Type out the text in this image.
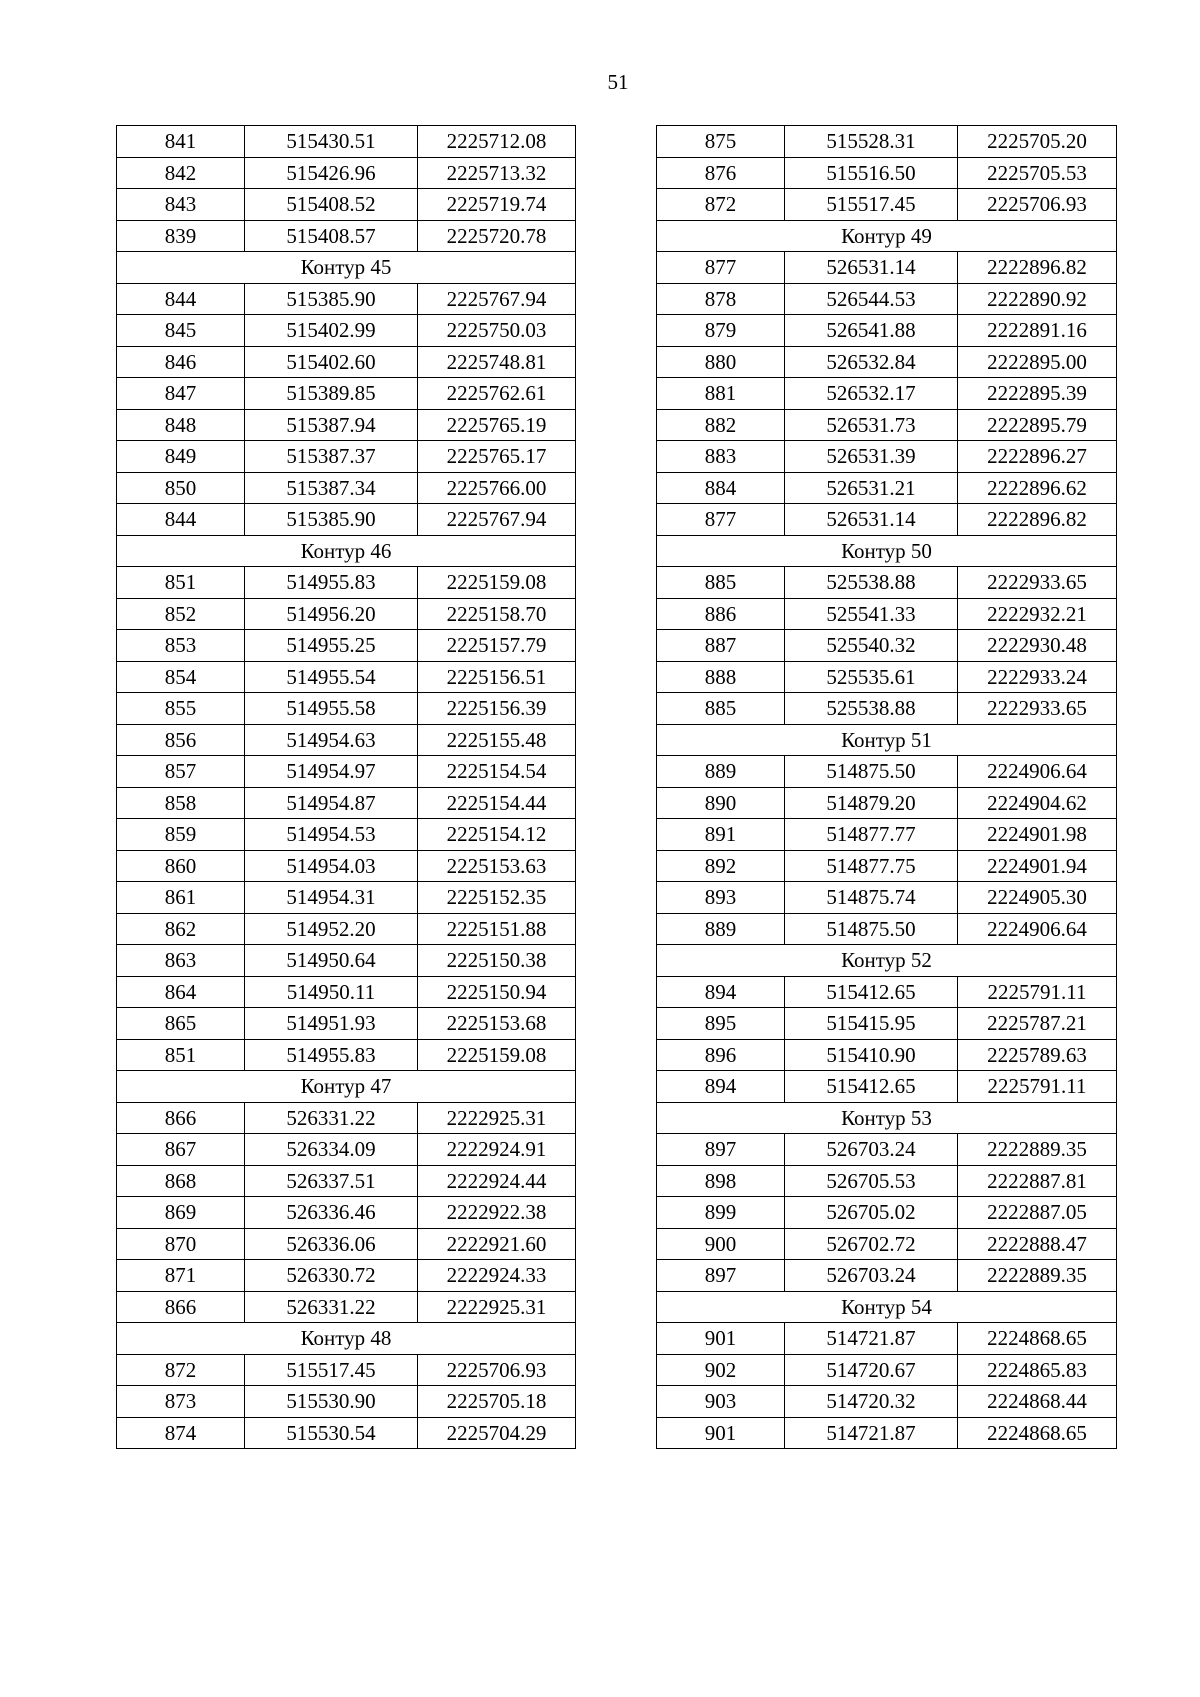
51
841	515430.51	2225712.08
842	515426.96	2225713.32
843	515408.52	2225719.74
839	515408.57	2225720.78
Контур 45		
844	515385.90	2225767.94
845	515402.99	2225750.03
846	515402.60	2225748.81
847	515389.85	2225762.61
848	515387.94	2225765.19
849	515387.37	2225765.17
850	515387.34	2225766.00
844	515385.90	2225767.94
Контур 46		
851	514955.83	2225159.08
852	514956.20	2225158.70
853	514955.25	2225157.79
854	514955.54	2225156.51
855	514955.58	2225156.39
856	514954.63	2225155.48
857	514954.97	2225154.54
858	514954.87	2225154.44
859	514954.53	2225154.12
860	514954.03	2225153.63
861	514954.31	2225152.35
862	514952.20	2225151.88
863	514950.64	2225150.38
864	514950.11	2225150.94
865	514951.93	2225153.68
851	514955.83	2225159.08
Контур 47		
866	526331.22	2222925.31
867	526334.09	2222924.91
868	526337.51	2222924.44
869	526336.46	2222922.38
870	526336.06	2222921.60
871	526330.72	2222924.33
866	526331.22	2222925.31
Контур 48		
872	515517.45	2225706.93
873	515530.90	2225705.18
874	515530.54	2225704.29
875	515528.31	2225705.20
876	515516.50	2225705.53
872	515517.45	2225706.93
Контур 49		
877	526531.14	2222896.82
878	526544.53	2222890.92
879	526541.88	2222891.16
880	526532.84	2222895.00
881	526532.17	2222895.39
882	526531.73	2222895.79
883	526531.39	2222896.27
884	526531.21	2222896.62
877	526531.14	2222896.82
Контур 50		
885	525538.88	2222933.65
886	525541.33	2222932.21
887	525540.32	2222930.48
888	525535.61	2222933.24
885	525538.88	2222933.65
Контур 51		
889	514875.50	2224906.64
890	514879.20	2224904.62
891	514877.77	2224901.98
892	514877.75	2224901.94
893	514875.74	2224905.30
889	514875.50	2224906.64
Контур 52		
894	515412.65	2225791.11
895	515415.95	2225787.21
896	515410.90	2225789.63
894	515412.65	2225791.11
Контур 53		
897	526703.24	2222889.35
898	526705.53	2222887.81
899	526705.02	2222887.05
900	526702.72	2222888.47
897	526703.24	2222889.35
Контур 54		
901	514721.87	2224868.65
902	514720.67	2224865.83
903	514720.32	2224868.44
901	514721.87	2224868.65
